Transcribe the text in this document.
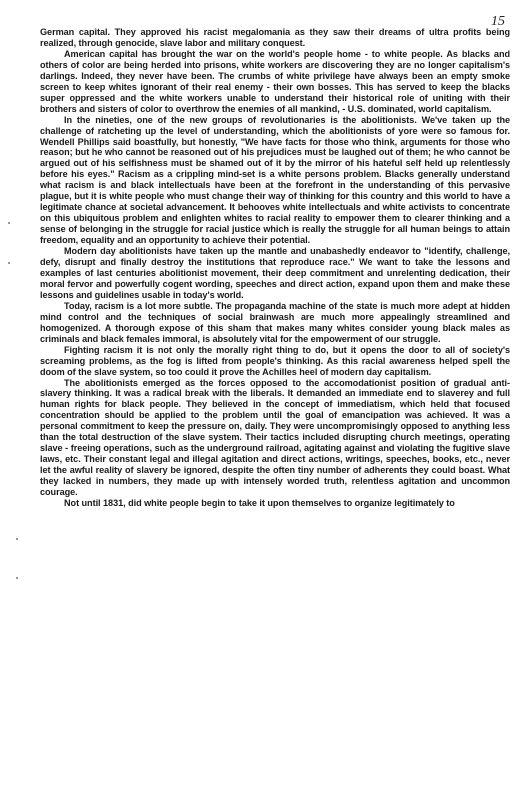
15

German capital. They approved his racist megalomania as they saw their dreams of ultra profits being realized, through genocide, slave labor and military conquest.

American capital has brought the war on the world's people home - to white people. As blacks and others of color are being herded into prisons, white workers are discovering they are no longer capitalism's darlings. Indeed, they never have been. The crumbs of white privilege have always been an empty smoke screen to keep whites ignorant of their real enemy - their own bosses. This has served to keep the blacks super oppressed and the white workers unable to understand their historical role of uniting with their brothers and sisters of color to overthrow the enemies of all mankind, - U.S. dominated, world capitalism.

In the nineties, one of the new groups of revolutionaries is the abolitionists. We've taken up the challenge of ratcheting up the level of understanding, which the abolitionists of yore were so famous for. Wendell Phillips said boastfully, but honestly, "We have facts for those who think, arguments for those who reason; but he who cannot be reasoned out of his prejudices must be laughed out of them; he who cannot be argued out of his selfishness must be shamed out of it by the mirror of his hateful self held up relentlessly before his eyes." Racism as a crippling mind-set is a white persons problem. Blacks generally understand what racism is and black intellectuals have been at the forefront in the understanding of this pervasive plague, but it is white people who must change their way of thinking for this country and this world to have a legitimate chance at societal advancement. It behooves white intellectuals and white activists to concentrate on this ubiquitous problem and enlighten whites to racial reality to empower them to clearer thinking and a sense of belonging in the struggle for racial justice which is really the struggle for all human beings to attain freedom, equality and an opportunity to achieve their potential.

Modern day abolitionists have taken up the mantle and unabashedly endeavor to "identify, challenge, defy, disrupt and finally destroy the institutions that reproduce race." We want to take the lessons and examples of last centuries abolitionist movement, their deep commitment and unrelenting dedication, their moral fervor and powerfully cogent wording, speeches and direct action, expand upon them and make these lessons and guidelines usable in today's world.

Today, racism is a lot more subtle. The propaganda machine of the state is much more adept at hidden mind control and the techniques of social brainwash are much more appealingly streamlined and homogenized. A thorough expose of this sham that makes many whites consider young black males as criminals and black females immoral, is absolutely vital for the empowerment of our struggle.

Fighting racism it is not only the morally right thing to do, but it opens the door to all of society's screaming problems, as the fog is lifted from people's thinking. As this racial awareness helped spell the doom of the slave system, so too could it prove the Achilles heel of modern day capitalism.

The abolitionists emerged as the forces opposed to the accomodationist position of gradual anti-slavery thinking. It was a radical break with the liberals. It demanded an immediate end to slaverey and full human rights for black people. They believed in the concept of immediatism, which held that focused concentration should be applied to the problem until the goal of emancipation was achieved. It was a personal commitment to keep the pressure on, daily. They were uncompromisingly opposed to anything less than the total destruction of the slave system. Their tactics included disrupting church meetings, operating slave - freeing operations, such as the underground railroad, agitating against and violating the fugitive slave laws, etc. Their constant legal and illegal agitation and direct actions, writings, speeches, books, etc., never let the awful reality of slavery be ignored, despite the often tiny number of adherents they could boast. What they lacked in numbers, they made up with intensely worded truth, relentless agitation and uncommon courage.

Not until 1831, did white people begin to take it upon themselves to organize legitimately to
